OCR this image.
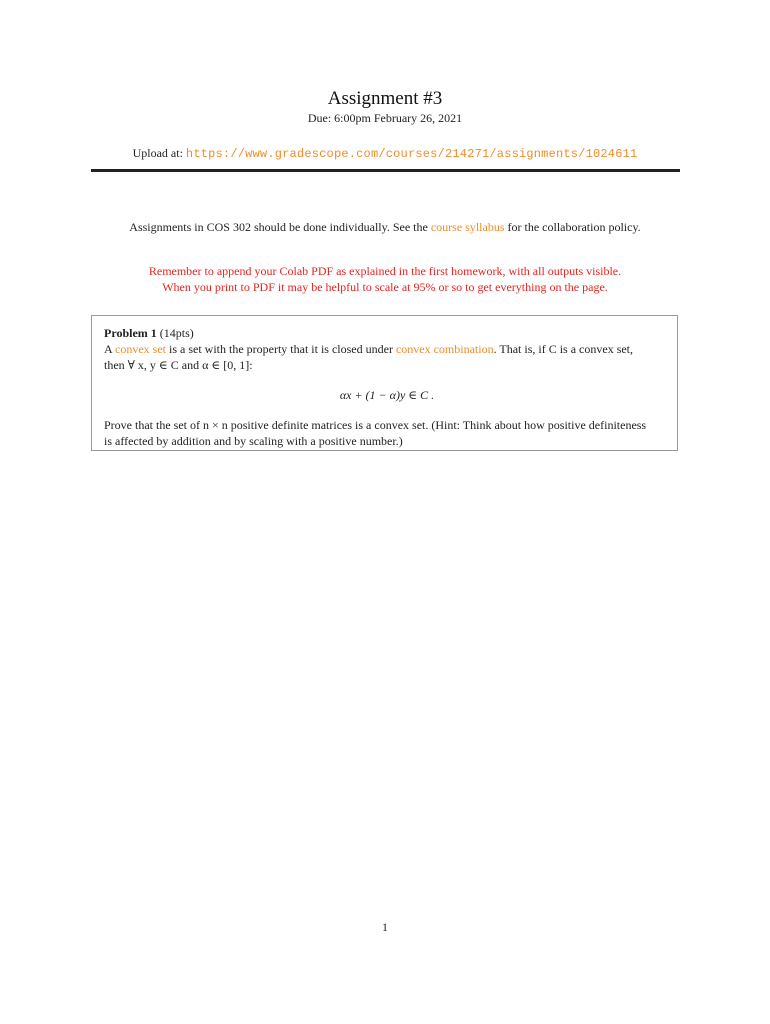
Assignment #3
Due: 6:00pm February 26, 2021
Upload at: https://www.gradescope.com/courses/214271/assignments/1024611
Assignments in COS 302 should be done individually. See the course syllabus for the collaboration policy.
Remember to append your Colab PDF as explained in the first homework, with all outputs visible.
When you print to PDF it may be helpful to scale at 95% or so to get everything on the page.
Problem 1 (14pts)
A convex set is a set with the property that it is closed under convex combination. That is, if C is a convex set,
then ∀ x, y ∈ C and α ∈ [0, 1]:
αx + (1 − α)y ∈ C .
Prove that the set of n × n positive definite matrices is a convex set. (Hint: Think about how positive definiteness
is affected by addition and by scaling with a positive number.)
1
